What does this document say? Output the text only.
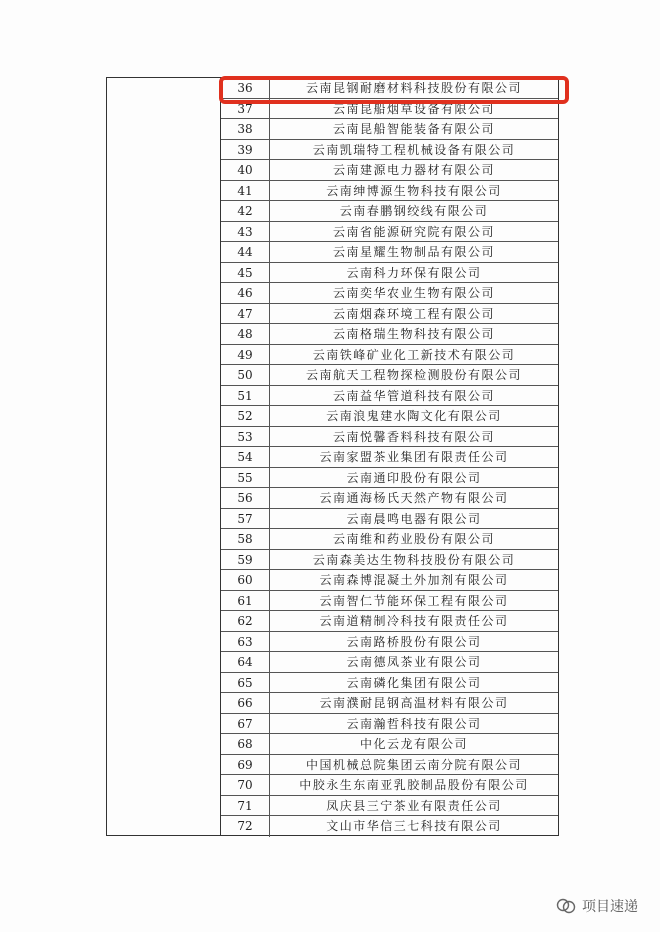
36	云南昆钢耐磨材料科技股份有限公司
37	云南昆船烟草设备有限公司
38	云南昆船智能装备有限公司
39	云南凯瑞特工程机械设备有限公司
40	云南建源电力器材有限公司
41	云南绅博源生物科技有限公司
42	云南春鹏钢绞线有限公司
43	云南省能源研究院有限公司
44	云南星耀生物制品有限公司
45	云南科力环保有限公司
46	云南奕华农业生物有限公司
47	云南烟森环境工程有限公司
48	云南格瑞生物科技有限公司
49	云南铁峰矿业化工新技术有限公司
50	云南航天工程物探检测股份有限公司
51	云南益华管道科技有限公司
52	云南浪鬼建水陶文化有限公司
53	云南悦馨香料科技有限公司
54	云南家盟茶业集团有限责任公司
55	云南通印股份有限公司
56	云南通海杨氏天然产物有限公司
57	云南晨鸣电器有限公司
58	云南维和药业股份有限公司
59	云南森美达生物科技股份有限公司
60	云南森博混凝土外加剂有限公司
61	云南智仁节能环保工程有限公司
62	云南道精制冷科技有限责任公司
63	云南路桥股份有限公司
64	云南德凤茶业有限公司
65	云南磷化集团有限公司
66	云南濮耐昆钢高温材料有限公司
67	云南瀚哲科技有限公司
68	中化云龙有限公司
69	中国机械总院集团云南分院有限公司
70	中胶永生东南亚乳胶制品股份有限公司
71	凤庆县三宁茶业有限责任公司
72	文山市华信三七科技有限公司
项目速递
